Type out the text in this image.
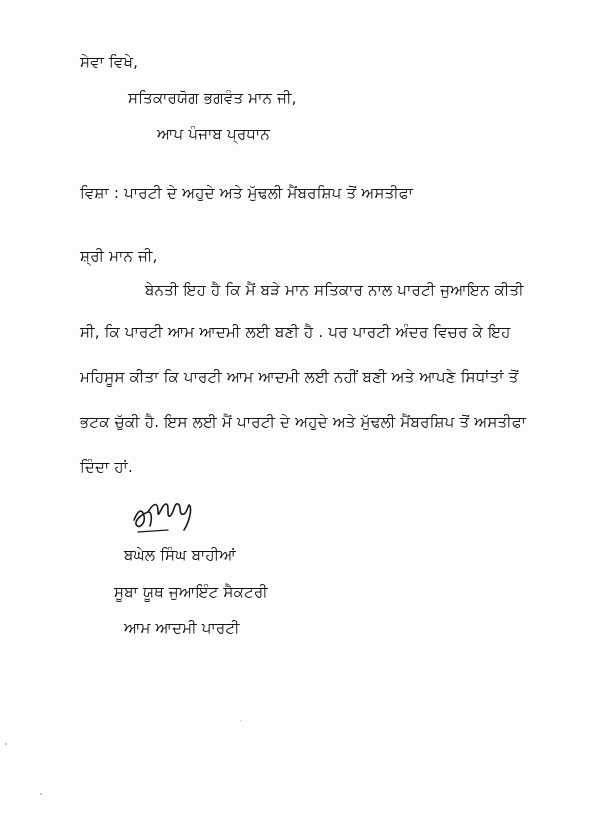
ਸੇਵਾ ਵਿਖੇ,
ਸਤਿਕਾਰਯੋਗ ਭਗਵੰਤ ਮਾਨ ਜੀ,
ਆਪ ਪੰਜਾਬ ਪ੍ਰਧਾਨ
ਵਿਸ਼ਾ : ਪਾਰਟੀ ਦੇ ਅਹੁਦੇ ਅਤੇ ਮੁੱਢਲੀ ਮੈਂਬਰਸ਼ਿਪ ਤੋਂ ਅਸਤੀਫਾ
ਸ਼੍ਰੀ ਮਾਨ ਜੀ,
ਬੇਨਤੀ ਇਹ ਹੈ ਕਿ ਮੈਂ ਬੜੇ ਮਾਨ ਸਤਿਕਾਰ ਨਾਲ ਪਾਰਟੀ ਜੁਆਇਨ ਕੀਤੀ
ਸੀ, ਕਿ ਪਾਰਟੀ ਆਮ ਆਦਮੀ ਲਈ ਬਣੀ ਹੈ . ਪਰ ਪਾਰਟੀ ਅੰਦਰ ਵਿਚਰ ਕੇ ਇਹ
ਮਹਿਸੂਸ ਕੀਤਾ ਕਿ ਪਾਰਟੀ ਆਮ ਆਦਮੀ ਲਈ ਨਹੀਂ ਬਣੀ ਅਤੇ ਆਪਣੇ ਸਿਧਾਂਤਾਂ ਤੋਂ
ਭਟਕ ਚੁੱਕੀ ਹੈ. ਇਸ ਲਈ ਮੈਂ ਪਾਰਟੀ ਦੇ ਅਹੁਦੇ ਅਤੇ ਮੁੱਢਲੀ ਮੈਂਬਰਸ਼ਿਪ ਤੋਂ ਅਸਤੀਫਾ
ਦਿੰਦਾ ਹਾਂ.
ਬਘੇਲ ਸਿੰਘ ਬਾਹੀਆਂ
ਸੂਬਾ ਯੂਥ ਜੁਆਇੰਟ ਸੈਕਟਰੀ
ਆਮ ਆਦਮੀ ਪਾਰਟੀ
